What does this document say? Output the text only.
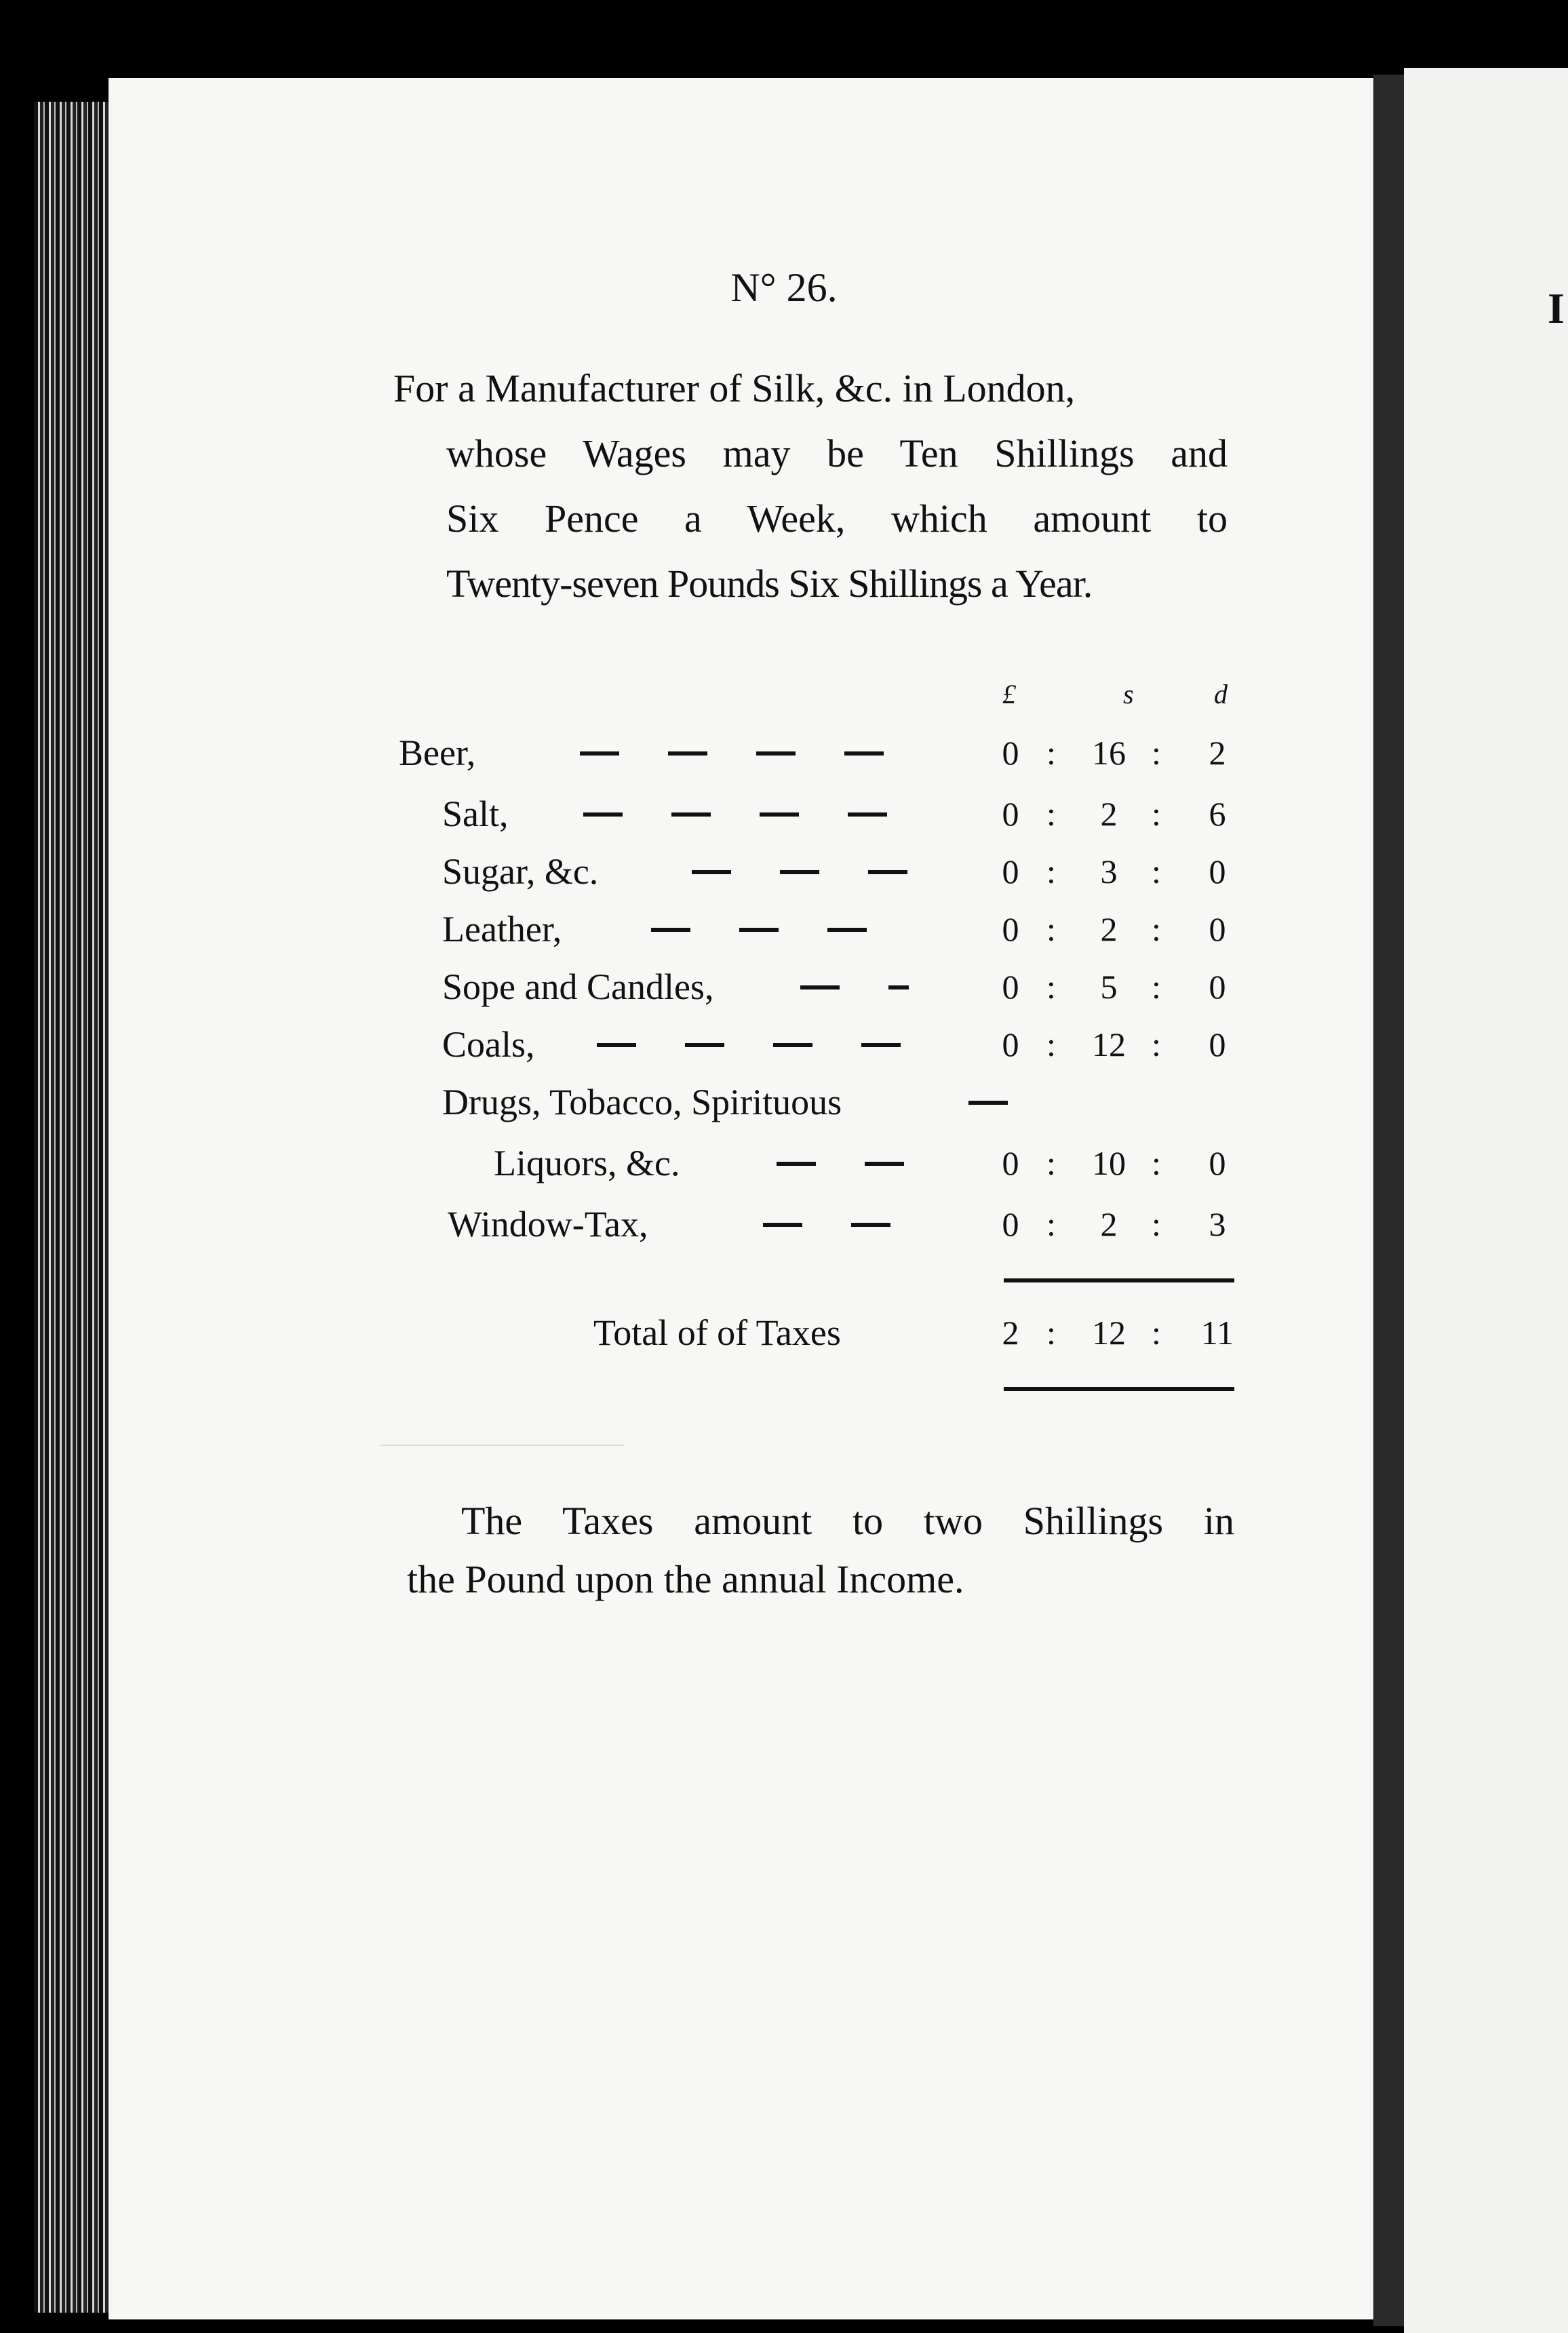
I
N° 26.
For a Manufacturer of Silk, &c. in London,
whose Wages may be Ten Shillings and
Six Pence a Week, which amount to
Twenty-seven Pounds Six Shillings a Year.
£	s	d
Beer,	0 :	16 :	2
Salt,	0 :	2	:	6
Sugar, &c.	0 :	3	:	0
Leather,	0 :	2	:	0
Sope and Candles,	0 :	5	:	0
Coals,	0 :	12 :	0
Drugs, Tobacco, Spirituous
Liquors, &c.	0 :	10 :	0
Window-Tax,	0 :	2	:	3
Total of of Taxes	2 :	12 :	11
The Taxes amount to two Shillings in
the Pound upon the annual Income.
